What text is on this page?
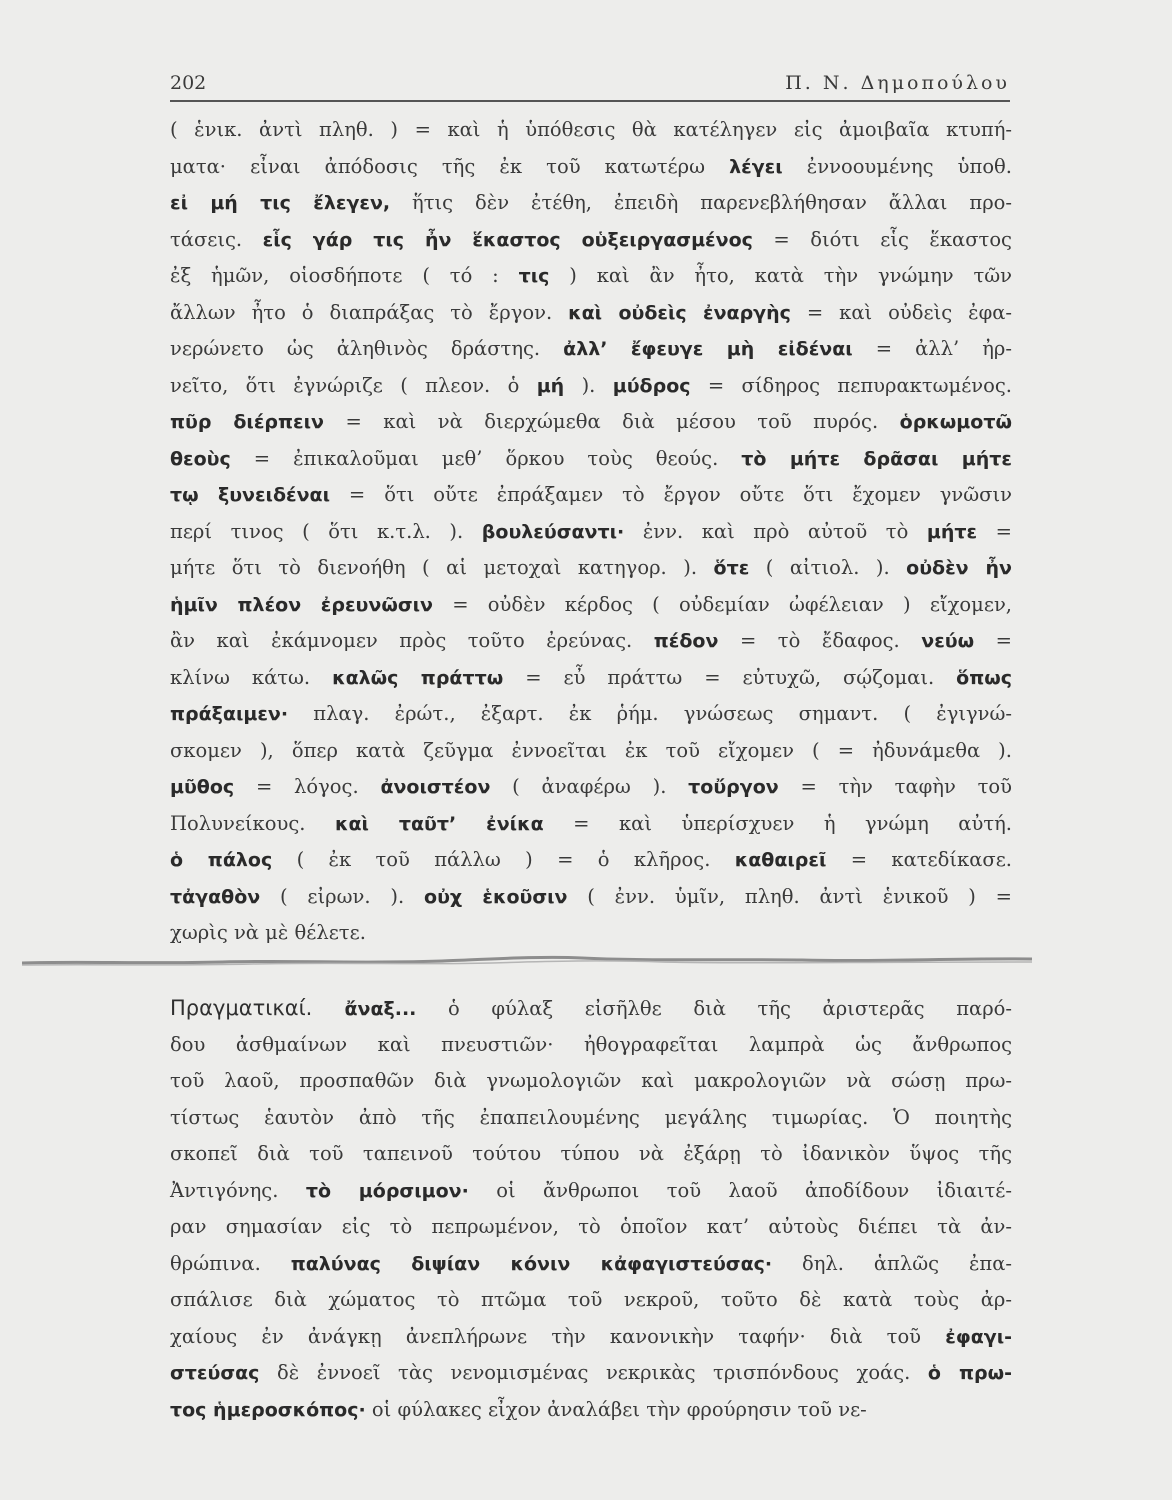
202	Π. Ν. Δημοπούλου
( ἑνικ. ἀντὶ πληθ. ) = καὶ ἡ ὑπόθεσις θὰ κατέληγεν εἰς ἀμοιβαῖα κτυπή-
ματα· εἶναι ἀπόδοσις τῆς ἐκ τοῦ κατωτέρω λέγει ἐννοουμένης ὑποθ.
εἰ μή τις ἔλεγεν, ἥτις δὲν ἐτέθη, ἐπειδὴ παρενεβλήθησαν ἄλλαι προ-
τάσεις. εἷς γάρ τις ἦν ἕκαστος οὑξειργασμένος = διότι εἷς ἕκαστος
ἐξ ἡμῶν, οἱοσδήποτε ( τό : τις ) καὶ ἂν ἦτο, κατὰ τὴν γνώμην τῶν
ἄλλων ἦτο ὁ διαπράξας τὸ ἔργον. καὶ οὐδεὶς ἐναργὴς = καὶ οὐδεὶς ἐφα-
νερώνετο ὡς ἀληθινὸς δράστης. ἀλλ’ ἔφευγε μὴ εἰδέναι = ἀλλ’ ἠρ-
νεῖτο, ὅτι ἐγνώριζε ( πλεον. ὁ μή ). μύδρος = σίδηρος πεπυρακτωμένος.
πῦρ διέρπειν = καὶ νὰ διερχώμεθα διὰ μέσου τοῦ πυρός. ὁρκωμοτῶ
θεοὺς = ἐπικαλοῦμαι μεθ’ ὅρκου τοὺς θεούς. τὸ μήτε δρᾶσαι μήτε
τῳ ξυνειδέναι = ὅτι οὔτε ἐπράξαμεν τὸ ἔργον οὔτε ὅτι ἔχομεν γνῶσιν
περί τινος ( ὅτι κ.τ.λ. ). βουλεύσαντι· ἐνν. καὶ πρὸ αὐτοῦ τὸ μήτε =
μήτε ὅτι τὸ διενοήθη ( αἱ μετοχαὶ κατηγορ. ). ὅτε ( αἰτιολ. ). οὐδὲν ἦν
ἡμῖν πλέον ἐρευνῶσιν = οὐδὲν κέρδος ( οὐδεμίαν ὠφέλειαν ) εἴχομεν,
ἂν καὶ ἐκάμνομεν πρὸς τοῦτο ἐρεύνας. πέδον = τὸ ἔδαφος. νεύω =
κλίνω κάτω. καλῶς πράττω = εὖ πράττω = εὐτυχῶ, σῴζομαι. ὅπως
πράξαιμεν· πλαγ. ἐρώτ., ἐξαρτ. ἐκ ῥήμ. γνώσεως σημαντ. ( ἐγιγνώ-
σκομεν ), ὅπερ κατὰ ζεῦγμα ἐννοεῖται ἐκ τοῦ εἴχομεν ( = ἠδυνάμεθα ).
μῦθος = λόγος. ἀνοιστέον ( ἀναφέρω ). τοὔργον = τὴν ταφὴν τοῦ
Πολυνείκους. καὶ ταῦτ’ ἐνίκα = καὶ ὑπερίσχυεν ἡ γνώμη αὐτή.
ὁ πάλος ( ἐκ τοῦ πάλλω ) = ὁ κλῆρος. καθαιρεῖ = κατεδίκασε.
τἀγαθὸν ( εἰρων. ). οὐχ ἑκοῦσιν ( ἐνν. ὑμῖν, πληθ. ἀντὶ ἑνικοῦ ) =
χωρὶς νὰ μὲ θέλετε.
Πραγματικαί. ἄναξ... ὁ φύλαξ εἰσῆλθε διὰ τῆς ἀριστερᾶς παρό-
δου ἀσθμαίνων καὶ πνευστιῶν· ἠθογραφεῖται λαμπρὰ ὡς ἄνθρωπος
τοῦ λαοῦ, προσπαθῶν διὰ γνωμολογιῶν καὶ μακρολογιῶν νὰ σώσῃ πρω-
τίστως ἑαυτὸν ἀπὸ τῆς ἐπαπειλουμένης μεγάλης τιμωρίας. Ὁ ποιητὴς
σκοπεῖ διὰ τοῦ ταπεινοῦ τούτου τύπου νὰ ἐξάρῃ τὸ ἰδανικὸν ὕψος τῆς
Ἀντιγόνης. τὸ μόρσιμον· οἱ ἄνθρωποι τοῦ λαοῦ ἀποδίδουν ἰδιαιτέ-
ραν σημασίαν εἰς τὸ πεπρωμένον, τὸ ὁποῖον κατ’ αὐτοὺς διέπει τὰ ἀν-
θρώπινα. παλύνας διψίαν κόνιν κἀφαγιστεύσας· δηλ. ἁπλῶς ἐπα-
σπάλισε διὰ χώματος τὸ πτῶμα τοῦ νεκροῦ, τοῦτο δὲ κατὰ τοὺς ἀρ-
χαίους ἐν ἀνάγκῃ ἀνεπλήρωνε τὴν κανονικὴν ταφήν· διὰ τοῦ ἐφαγι-
στεύσας δὲ ἐννοεῖ τὰς νενομισμένας νεκρικὰς τρισπόνδους χοάς. ὁ πρω-
τος ἡμεροσκόπος· οἱ φύλακες εἶχον ἀναλάβει τὴν φρούρησιν τοῦ νε-
